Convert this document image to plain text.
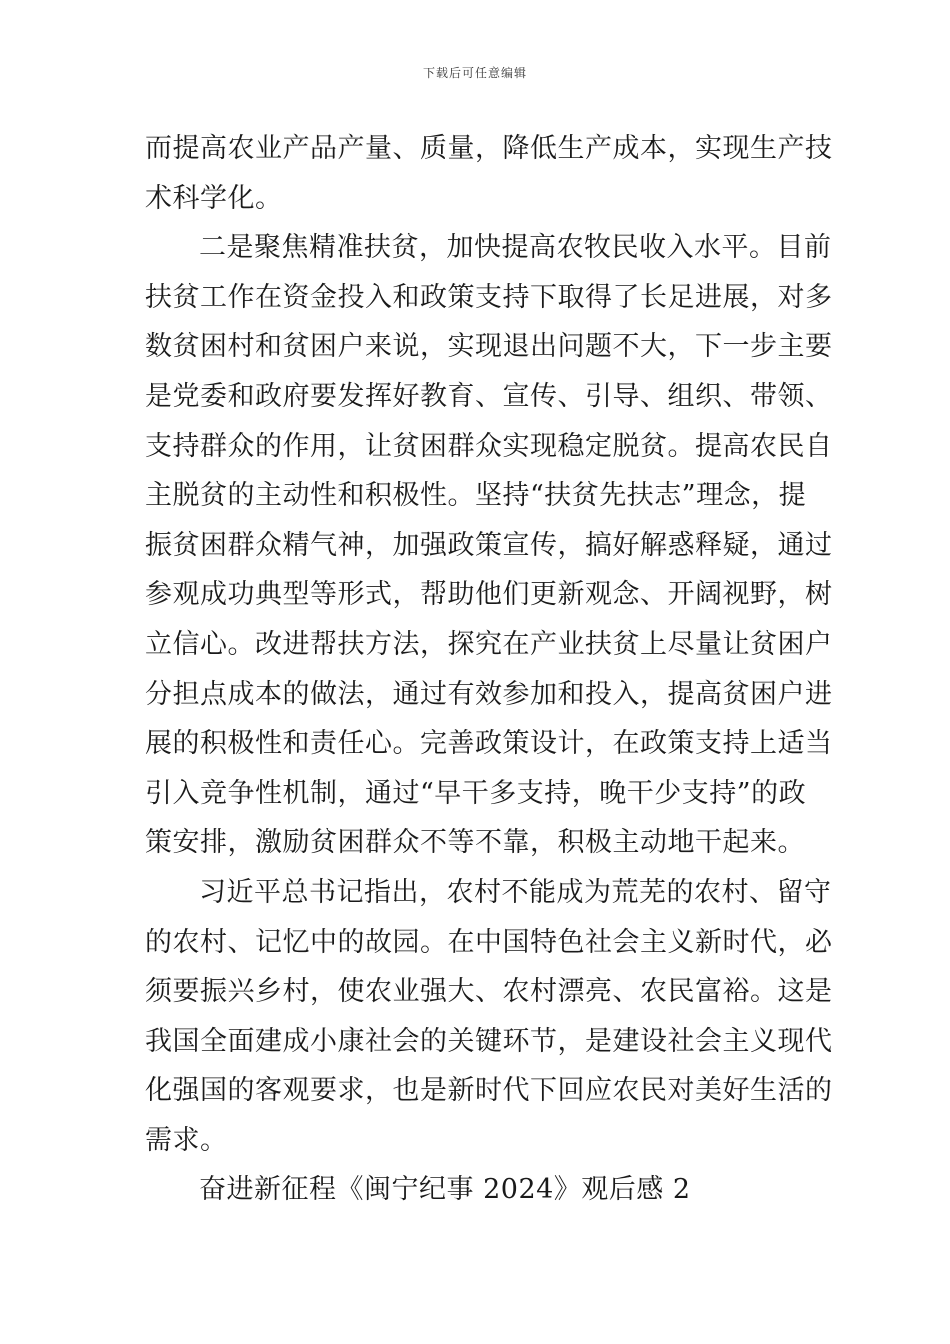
下载后可任意编辑
而提高农业产品产量、质量，降低生产成本，实现生产技
术科学化。
二是聚焦精准扶贫，加快提高农牧民收入水平。目前
扶贫工作在资金投入和政策支持下取得了长足进展，对多
数贫困村和贫困户来说，实现退出问题不大，下一步主要
是党委和政府要发挥好教育、宣传、引导、组织、带领、
支持群众的作用，让贫困群众实现稳定脱贫。提高农民自
主脱贫的主动性和积极性。坚持“扶贫先扶志”理念，提
振贫困群众精气神，加强政策宣传，搞好解惑释疑，通过
参观成功典型等形式，帮助他们更新观念、开阔视野，树
立信心。改进帮扶方法，探究在产业扶贫上尽量让贫困户
分担点成本的做法，通过有效参加和投入，提高贫困户进
展的积极性和责任心。完善政策设计，在政策支持上适当
引入竞争性机制，通过“早干多支持，晚干少支持”的政
策安排，激励贫困群众不等不靠，积极主动地干起来。
习近平总书记指出，农村不能成为荒芜的农村、留守
的农村、记忆中的故园。在中国特色社会主义新时代，必
须要振兴乡村，使农业强大、农村漂亮、农民富裕。这是
我国全面建成小康社会的关键环节，是建设社会主义现代
化强国的客观要求，也是新时代下回应农民对美好生活的
需求。
奋进新征程《闽宁纪事 2024》观后感 2
